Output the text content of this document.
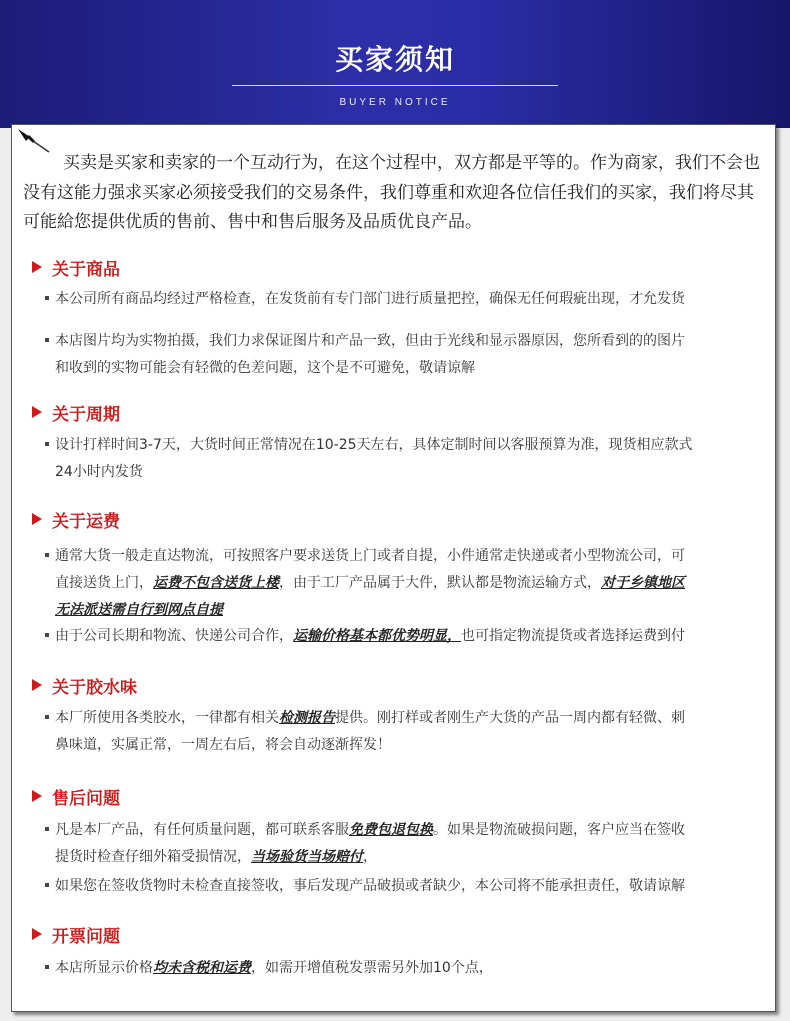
买家须知
BUYER NOTICE
买卖是买家和卖家的一个互动行为，在这个过程中，双方都是平等的。作为商家，我们不会也没有这能力强求买家必须接受我们的交易条件，我们尊重和欢迎各位信任我们的买家，我们将尽其可能給您提供优质的售前、售中和售后服务及品质优良产品。
关于商品
本公司所有商品均经过严格检查，在发货前有专门部门进行质量把控，确保无任何瑕疵出现，才允发货
本店图片均为实物拍摄，我们力求保证图片和产品一致，但由于光线和显示器原因，您所看到的的图片
和收到的实物可能会有轻微的色差问题，这个是不可避免，敬请谅解
关于周期
设计打样时间3-7天，大货时间正常情况在10-25天左右，具体定制时间以客服预算为准，现货相应款式
24小时内发货
关于运费
通常大货一般走直达物流，可按照客户要求送货上门或者自提，小件通常走快递或者小型物流公司，可
直接送货上门，运费不包含送货上楼，由于工厂产品属于大件，默认都是物流运输方式，对于乡镇地区
无法派送需自行到网点自提
由于公司长期和物流、快递公司合作，运输价格基本都优势明显，也可指定物流提货或者选择运费到付
关于胶水味
本厂所使用各类胶水，一律都有相关检测报告提供。刚打样或者刚生产大货的产品一周内都有轻微、刺
鼻味道，实属正常，一周左右后，将会自动逐渐挥发！
售后问题
凡是本厂产品，有任何质量问题，都可联系客服免费包退包换。如果是物流破损问题，客户应当在签收
提货时检查仔细外箱受损情况，当场验货当场赔付，
如果您在签收货物时未检查直接签收，事后发现产品破损或者缺少，本公司将不能承担责任，敬请谅解
开票问题
本店所显示价格均未含税和运费，如需开增值税发票需另外加10个点，
